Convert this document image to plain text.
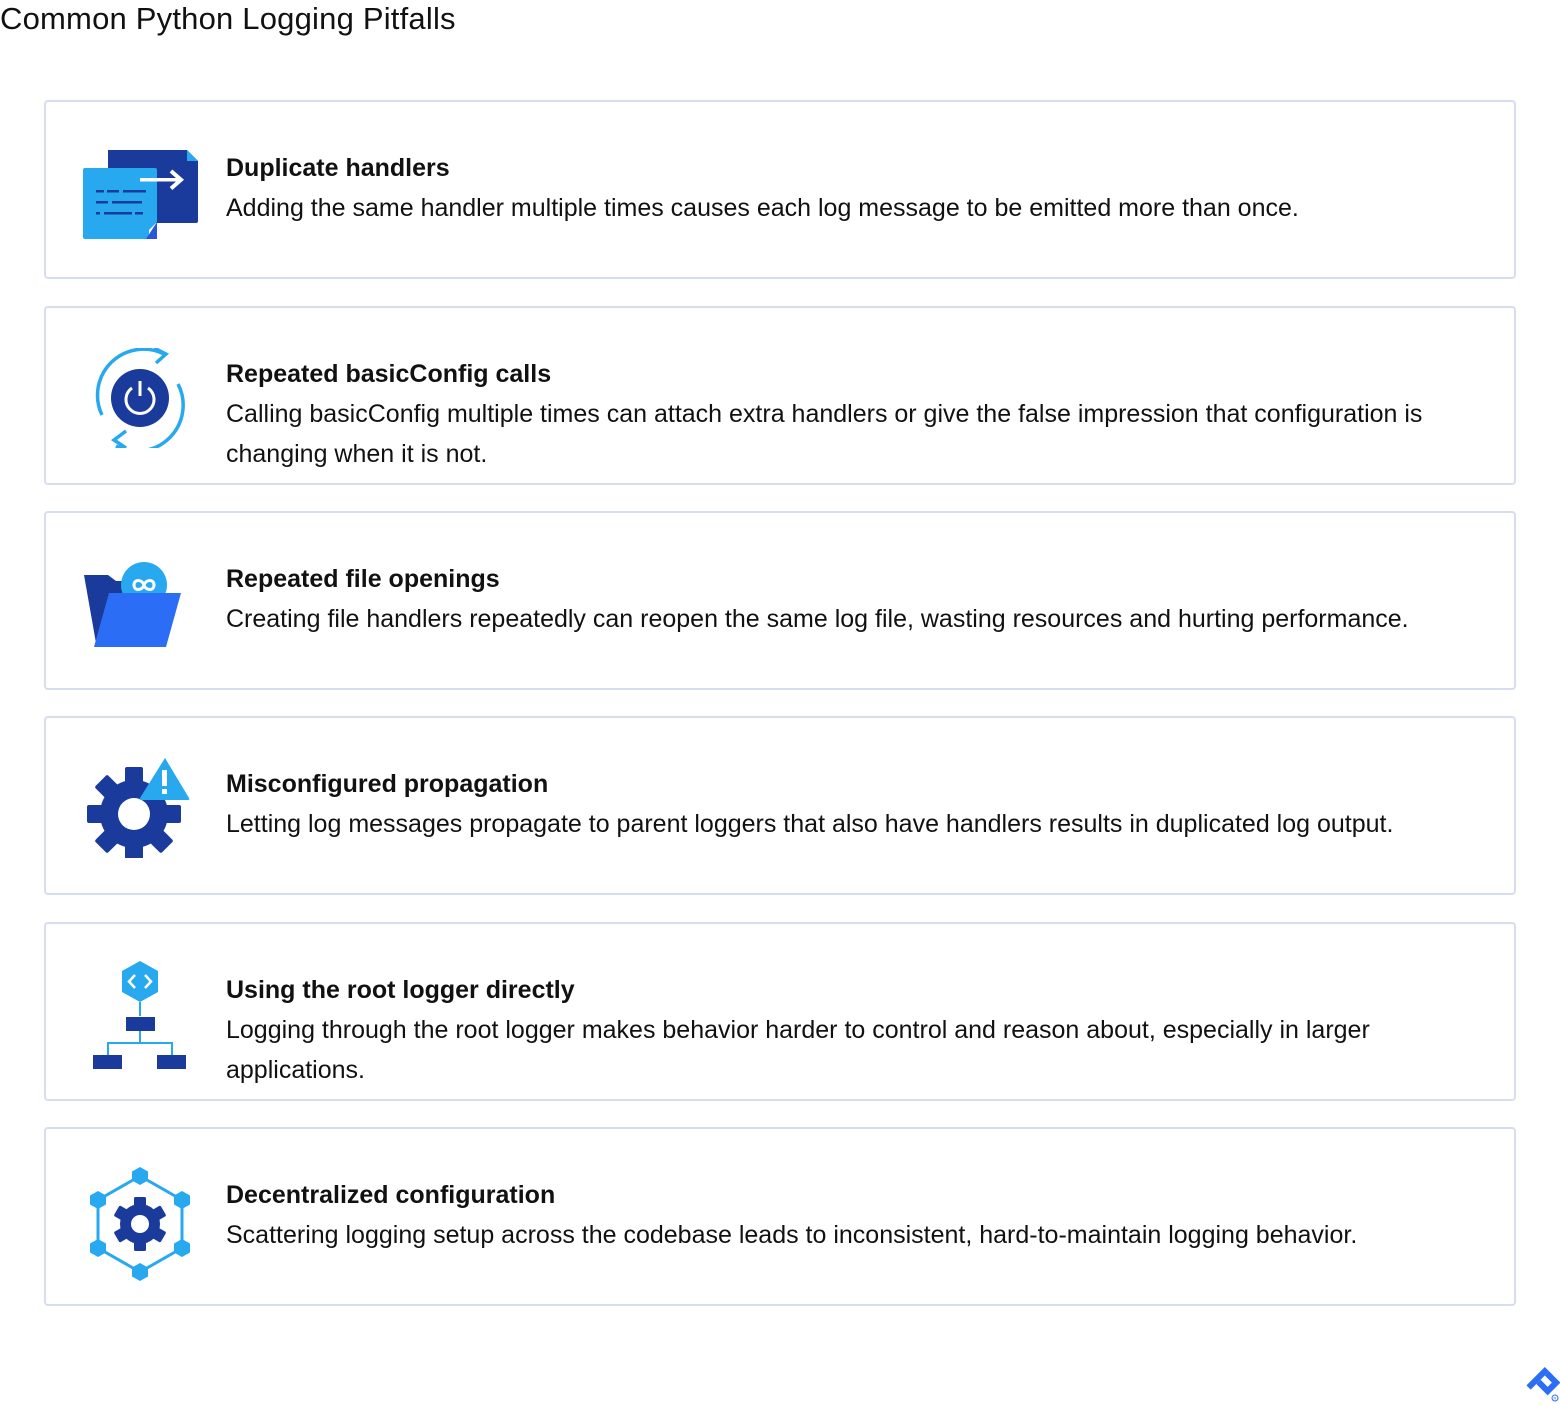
Common Python Logging Pitfalls
Duplicate handlers
Adding the same handler multiple times causes each log message to be emitted more than once.
Repeated basicConfig calls
Calling basicConfig multiple times can attach extra handlers or give the false impression that configuration is changing when it is not.
Repeated file openings
Creating file handlers repeatedly can reopen the same log file, wasting resources and hurting performance.
Misconfigured propagation
Letting log messages propagate to parent loggers that also have handlers results in duplicated log output.
Using the root logger directly
Logging through the root logger makes behavior harder to control and reason about, especially in larger applications.
Decentralized configuration
Scattering logging setup across the codebase leads to inconsistent, hard-to-maintain logging behavior.
R
